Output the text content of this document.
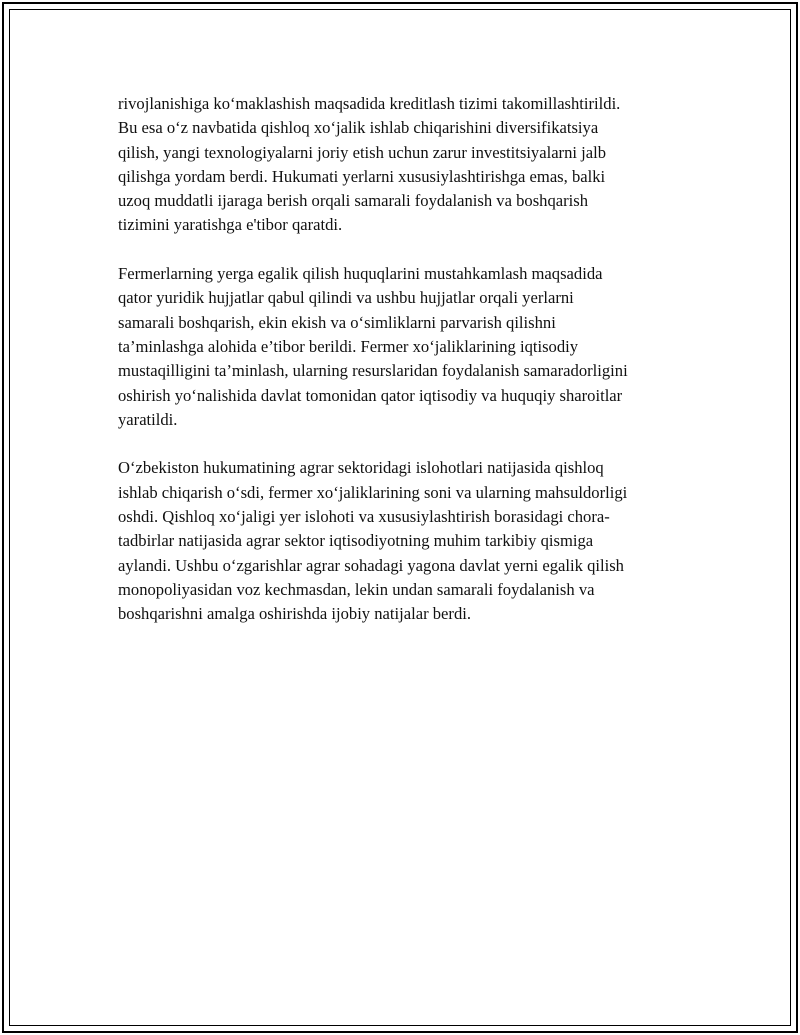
rivojlanishiga ko‘maklashish maqsadida kreditlash tizimi takomillashtirildi.
Bu esa o‘z navbatida qishloq xo‘jalik ishlab chiqarishini diversifikatsiya
qilish, yangi texnologiyalarni joriy etish uchun zarur investitsiyalarni jalb
qilishga yordam berdi. Hukumati yerlarni xususiylashtirishga emas, balki
uzoq muddatli ijaraga berish orqali samarali foydalanish va boshqarish
tizimini yaratishga e'tibor qaratdi.

Fermerlarning yerga egalik qilish huquqlarini mustahkamlash maqsadida
qator yuridik hujjatlar qabul qilindi va ushbu hujjatlar orqali yerlarni
samarali boshqarish, ekin ekish va o‘simliklarni parvarish qilishni
ta’minlashga alohida e’tibor berildi. Fermer xo‘jaliklarining iqtisodiy
mustaqilligini ta’minlash, ularning resurslaridan foydalanish samaradorligini
oshirish yo‘nalishida davlat tomonidan qator iqtisodiy va huquqiy sharoitlar
yaratildi.

O‘zbekiston hukumatining agrar sektoridagi islohotlari natijasida qishloq
ishlab chiqarish o‘sdi, fermer xo‘jaliklarining soni va ularning mahsuldorligi
oshdi. Qishloq xo‘jaligi yer islohoti va xususiylashtirish borasidagi chora-
tadbirlar natijasida agrar sektor iqtisodiyotning muhim tarkibiy qismiga
aylandi. Ushbu o‘zgarishlar agrar sohadagi yagona davlat yerni egalik qilish
monopoliyasidan voz kechmasdan, lekin undan samarali foydalanish va
boshqarishni amalga oshirishda ijobiy natijalar berdi.
